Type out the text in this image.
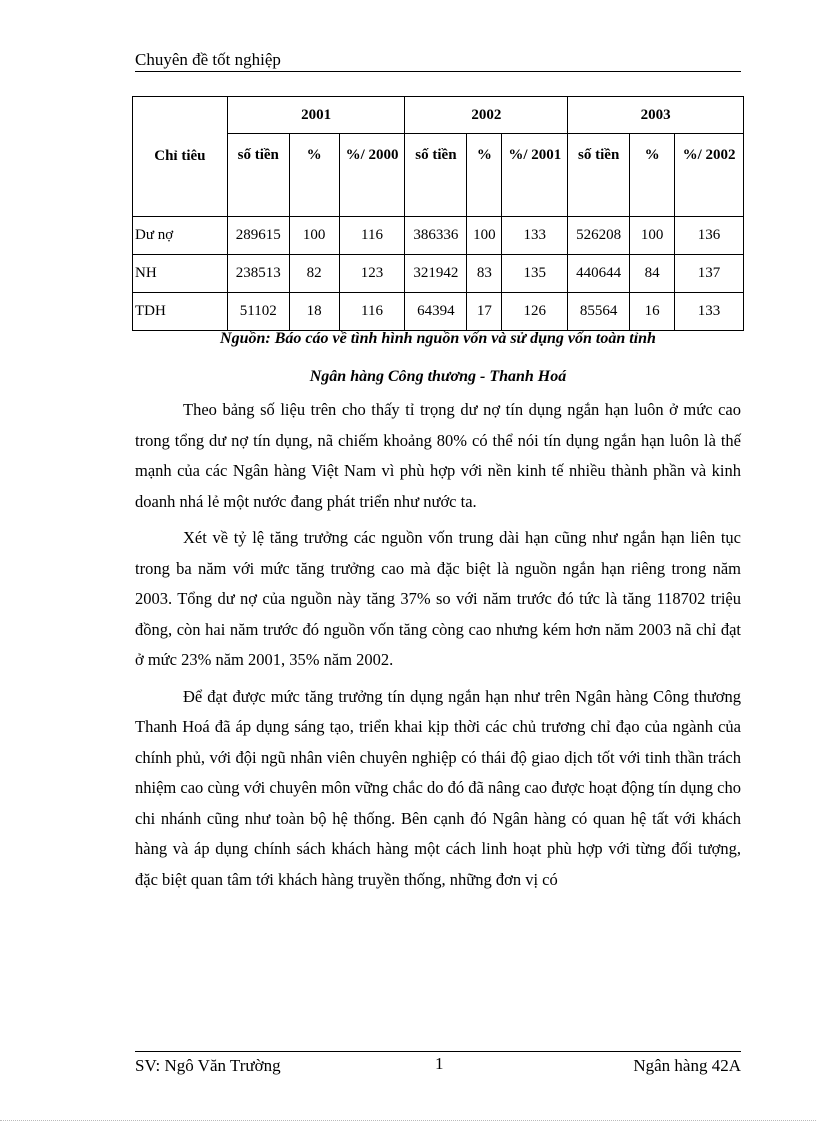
Chuyên đề tốt nghiệp
Chỉ tiêu	2001			2002			2003		
	số tiền	%	%/ 2000	số tiền	%	%/ 2001	số tiền	%	%/ 2002
Dư nợ	289615	100	116	386336	100	133	526208	100	136
NH	238513	82	123	321942	83	135	440644	84	137
TDH	51102	18	116	64394	17	126	85564	16	133
Nguồn: Báo cáo về tình hình nguồn vốn và sử dụng vốn toàn tỉnh
Ngân hàng Công thương - Thanh Hoá

Theo bảng số liệu trên cho thấy tỉ trọng dư nợ tín dụng ngắn hạn luôn ở mức cao trong tổng dư nợ tín dụng, nã chiếm khoảng 80% có thể nói tín dụng ngắn hạn luôn là thế mạnh của các Ngân hàng Việt Nam vì phù hợp với nền kinh tế nhiều thành phần và kinh doanh nhá lẻ một nước đang phát triển như nước ta.

Xét về tỷ lệ tăng trưởng các nguồn vốn trung dài hạn cũng như ngắn hạn liên tục trong ba năm với mức tăng trưởng cao mà đặc biệt là nguồn ngắn hạn riêng trong năm 2003. Tổng dư nợ của nguồn này tăng 37% so với năm trước đó tức là tăng 118702 triệu đồng, còn hai năm trước đó nguồn vốn tăng còng cao nhưng kém hơn năm 2003 nã chỉ đạt ở mức 23% năm 2001, 35% năm 2002.

Để đạt được mức tăng trưởng tín dụng ngắn hạn như trên Ngân hàng Công thương Thanh Hoá đã áp dụng sáng tạo, triển khai kịp thời các chủ trương chỉ đạo của ngành của chính phủ, với đội ngũ nhân viên chuyên nghiệp có thái độ giao dịch tốt với tinh thần trách nhiệm cao cùng với chuyên môn vững chắc do đó đã nâng cao được hoạt động tín dụng cho chi nhánh cũng như toàn bộ hệ thống. Bên cạnh đó Ngân hàng có quan hệ tất với khách hàng và áp dụng chính sách khách hàng một cách linh hoạt phù hợp với từng đối tượng, đặc biệt quan tâm tới khách hàng truyền thống, những đơn vị có

SV: Ngô Văn Trường	1	Ngân hàng 42A
